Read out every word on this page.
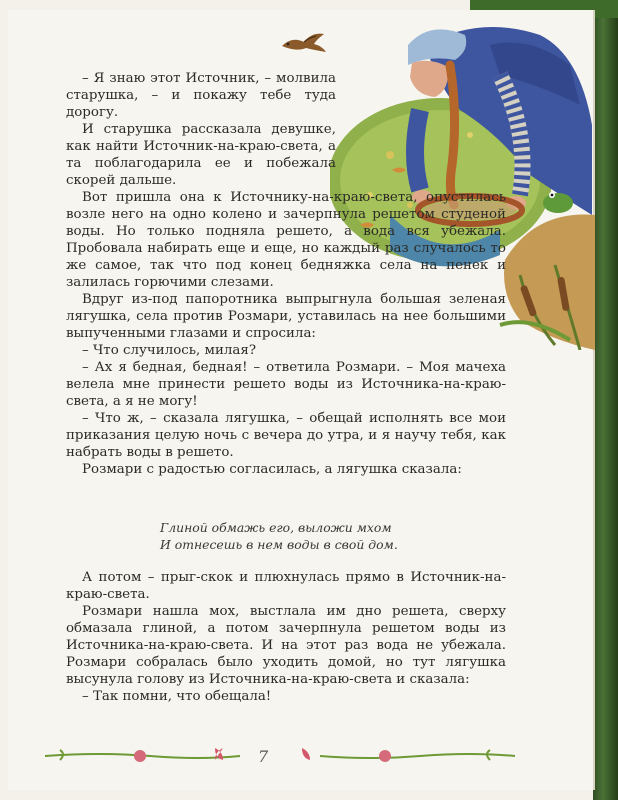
– Я знаю этот Источник, – молвила старушка, – и покажу тебе туда дорогу.

И старушка рассказала девушке, как найти Источник-на-краю-света, а та поблагодарила ее и побежала скорей дальше.

Вот пришла она к Источнику-на-краю-света, опустилась возле него на одно колено и зачерпнула решетом студеной воды. Но только подняла решето, а вода вся убежала. Пробовала набирать еще и еще, но каждый раз случалось то же самое, так что под конец бедняжка села на пенек и залилась горючими слезами.

Вдруг из-под папоротника выпрыгнула большая зеленая лягушка, села против Розмари, уставилась на нее большими выпученными глазами и спросила:

– Что случилось, милая?

– Ах я бедная, бедная! – ответила Розмари. – Моя мачеха велела мне принести решето воды из Источника-на-краю-света, а я не могу!

– Что ж, – сказала лягушка, – обещай исполнять все мои приказания целую ночь с вечера до утра, и я научу тебя, как набрать воды в решето.

Розмари с радостью согласилась, а лягушка сказала:

Глиной обмажь его, выложи мхом
И отнесешь в нем воды в свой дом.

А потом – прыг-скок и плюхнулась прямо в Источник-на-краю-света.

Розмари нашла мох, выстлала им дно решета, сверху обмазала глиной, а потом зачерпнула решетом воды из Источника-на-краю-света. И на этот раз вода не убежала. Розмари собралась было уходить домой, но тут лягушка высунула голову из Источника-на-краю-света и сказала:

– Так помни, что обещала!

7
